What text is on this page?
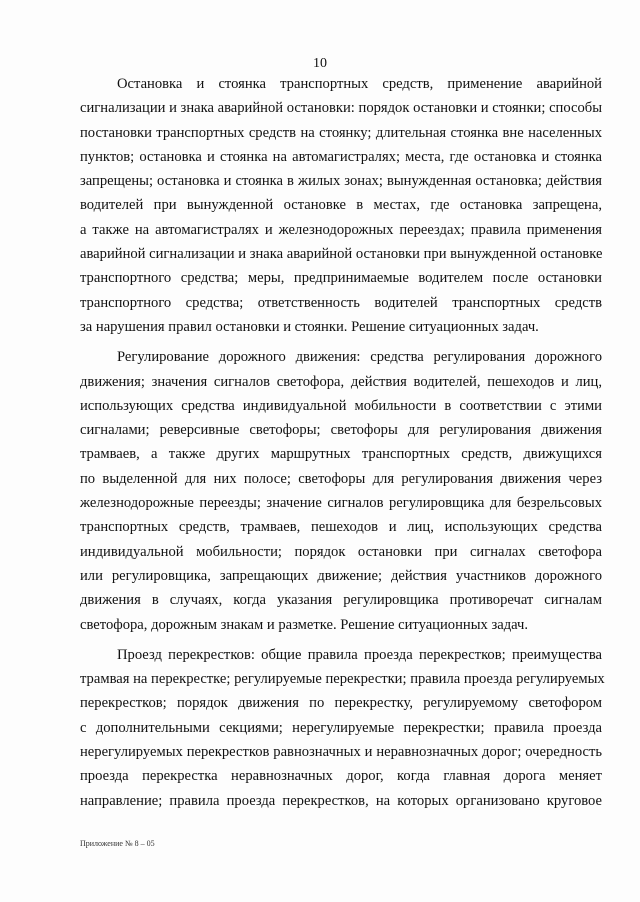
10
Остановка и стоянка транспортных средств, применение аварийной
сигнализации и знака аварийной остановки: порядок остановки и стоянки; способы
постановки транспортных средств на стоянку; длительная стоянка вне населенных
пунктов; остановка и стоянка на автомагистралях; места, где остановка и стоянка
запрещены; остановка и стоянка в жилых зонах; вынужденная остановка; действия
водителей при вынужденной остановке в местах, где остановка запрещена,
а также на автомагистралях и железнодорожных переездах; правила применения
аварийной сигнализации и знака аварийной остановки при вынужденной остановке
транспортного средства; меры, предпринимаемые водителем после остановки
транспортного средства; ответственность водителей транспортных средств
за нарушения правил остановки и стоянки. Решение ситуационных задач.
Регулирование дорожного движения: средства регулирования дорожного
движения; значения сигналов светофора, действия водителей, пешеходов и лиц,
использующих средства индивидуальной мобильности в соответствии с этими
сигналами; реверсивные светофоры; светофоры для регулирования движения
трамваев, а также других маршрутных транспортных средств, движущихся
по выделенной для них полосе; светофоры для регулирования движения через
железнодорожные переезды; значение сигналов регулировщика для безрельсовых
транспортных средств, трамваев, пешеходов и лиц, использующих средства
индивидуальной мобильности; порядок остановки при сигналах светофора
или регулировщика, запрещающих движение; действия участников дорожного
движения в случаях, когда указания регулировщика противоречат сигналам
светофора, дорожным знакам и разметке. Решение ситуационных задач.
Проезд перекрестков: общие правила проезда перекрестков; преимущества
трамвая на перекрестке; регулируемые перекрестки; правила проезда регулируемых
перекрестков; порядок движения по перекрестку, регулируемому светофором
с дополнительными секциями; нерегулируемые перекрестки; правила проезда
нерегулируемых перекрестков равнозначных и неравнозначных дорог; очередность
проезда перекрестка неравнозначных дорог, когда главная дорога меняет
направление; правила проезда перекрестков, на которых организовано круговое
Приложение № 8 – 05
